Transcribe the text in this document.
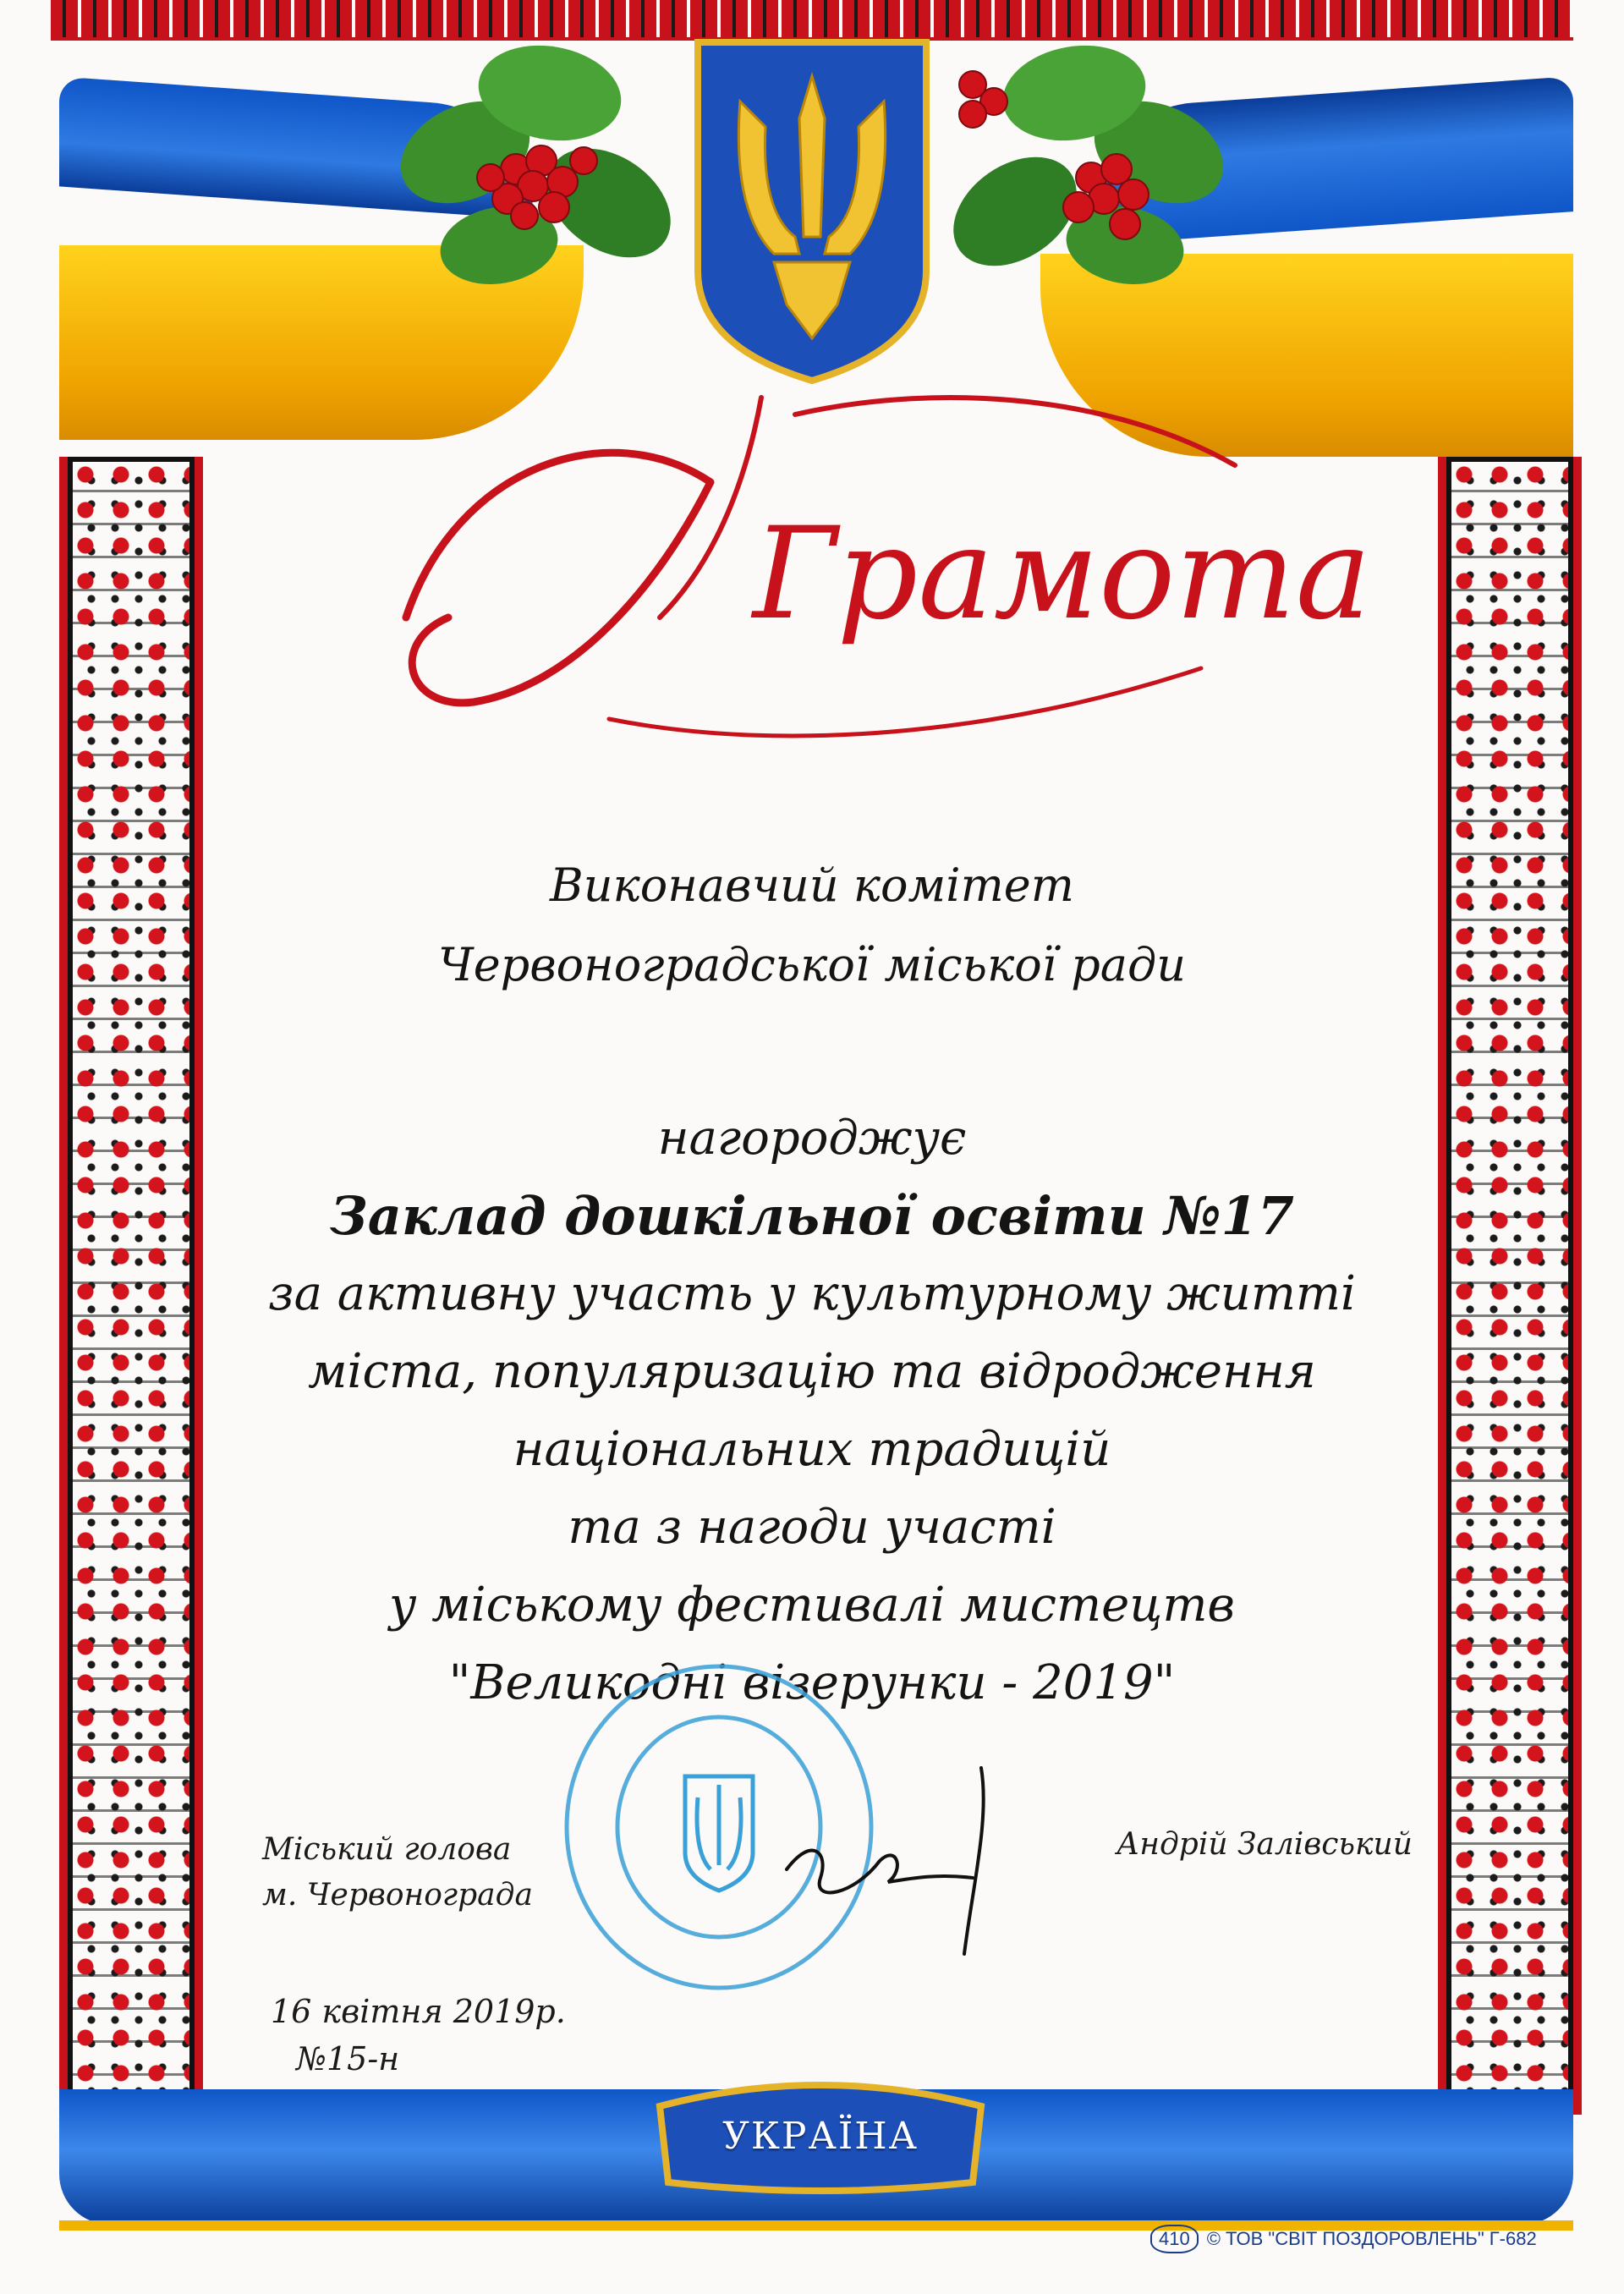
Грамота
Виконавчий комітет
Червоноградської міської ради
нагороджує
Заклад дошкільної освіти №17
за активну участь у культурному житті
міста, популяризацію та відродження
національних традицій
та з нагоди участі
у міському фестивалі мистецтв
"Великодні візерунки - 2019"
Міський голова
м. Червонограда
Андрій Залівський
16 квітня 2019р.
№15-н
УКРАЇНА
410 © ТОВ "СВІТ ПОЗДОРОВЛЕНЬ" Г-682
